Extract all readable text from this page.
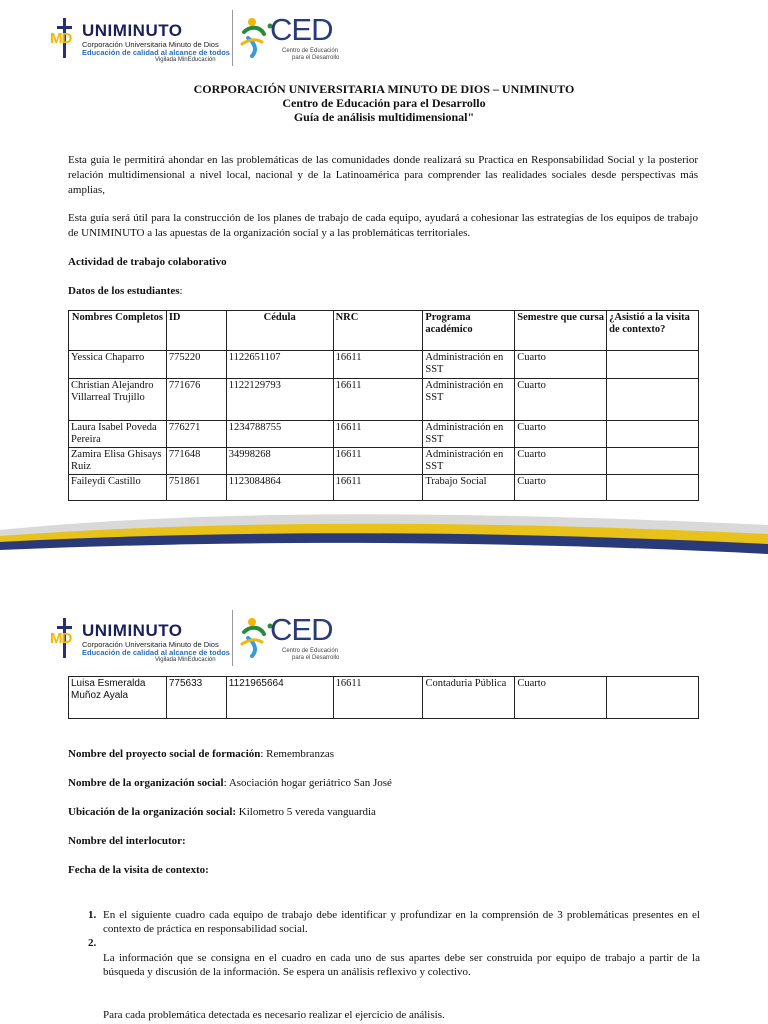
MD UNIMINUTO
Corporación Universitaria Minuto de Dios
Educación de calidad al alcance de todos
Vigilada MinEducación
CED
Centro de Educación
para el Desarrollo
CORPORACIÓN UNIVERSITARIA MINUTO DE DIOS – UNIMINUTO
Centro de Educación para el Desarrollo
Guía de análisis multidimensional"

Esta guía le permitirá ahondar en las problemáticas de las comunidades donde realizará su Practica en Responsabilidad Social y la posterior relación multidimensional a nivel local, nacional y de la Latinoamérica para comprender las realidades sociales desde perspectivas más amplias,

Esta guía será útil para la construcción de los planes de trabajo de cada equipo, ayudará a cohesionar las estrategias de los equipos de trabajo de UNIMINUTO a las apuestas de la organización social y a las problemáticas territoriales.

Actividad de trabajo colaborativo
Datos de los estudiantes:
Nombres Completos	ID	Cédula	NRC	Programa académico	Semestre que cursa	¿Asistió a la visita de contexto?
Yessica Chaparro	775220	1122651107	16611	Administración en SST	Cuarto	
Christian Alejandro Villarreal Trujillo	771676	1122129793	16611	Administración en SST	Cuarto	
Laura Isabel Poveda Pereira	776271	1234788755	16611	Administración en SST	Cuarto	
Zamira Elisa Ghisays Ruiz	771648	34998268	16611	Administración en SST	Cuarto	
Faileydi Castillo	751861	1123084864	16611	Trabajo Social	Cuarto	
MD UNIMINUTO
Corporación Universitaria Minuto de Dios
Educación de calidad al alcance de todos
Vigilada MinEducación
CED
Centro de Educación
para el Desarrollo
Luisa Esmeralda Muñoz Ayala	775633	1121965664	16611	Contaduria Pública	Cuarto	
Nombre del proyecto social de formación: Remembranzas
Nombre de la organización social: Asociación hogar geriátrico San José
Ubicación de la organización social: Kilometro 5 vereda vanguardia
Nombre del interlocutor:
Fecha de la visita de contexto:
1. En el siguiente cuadro cada equipo de trabajo debe identificar y profundizar en la comprensión de 3 problemáticas presentes en el contexto de práctica en responsabilidad social.
2.
La información que se consigna en el cuadro en cada uno de sus apartes debe ser construida por equipo de trabajo a partir de la búsqueda y discusión de la información. Se espera un análisis reflexivo y colectivo.
Para cada problemática detectada es necesario realizar el ejercicio de análisis.
